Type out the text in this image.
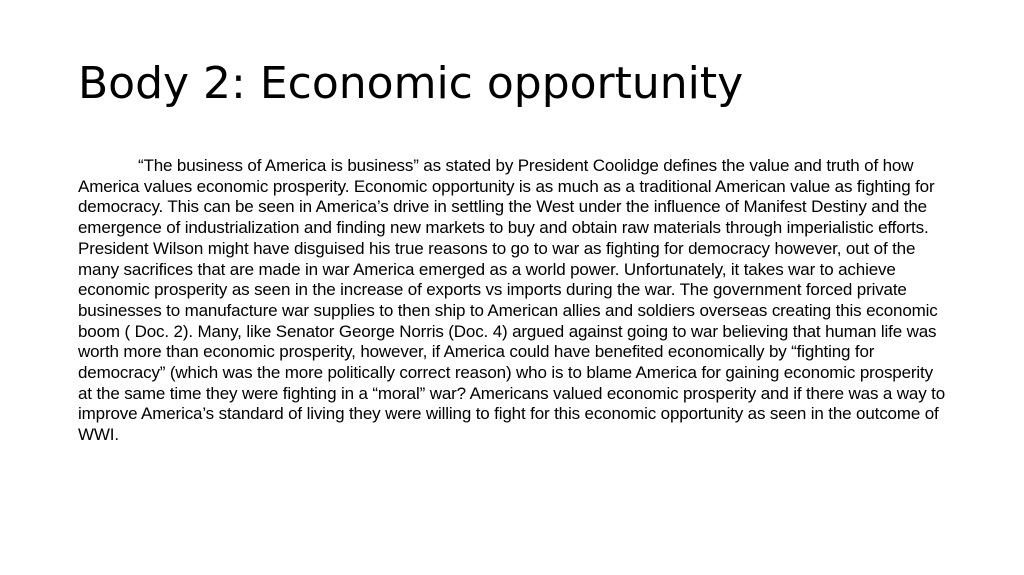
Body 2: Economic opportunity

“The business of America is business” as stated by President Coolidge defines the value and truth of how America values economic prosperity. Economic opportunity is as much as a traditional American value as fighting for democracy. This can be seen in America’s drive in settling the West under the influence of Manifest Destiny and the emergence of industrialization and finding new markets to buy and obtain raw materials through imperialistic efforts. President Wilson might have disguised his true reasons to go to war as fighting for democracy however, out of the many sacrifices that are made in war America emerged as a world power. Unfortunately, it takes war to achieve economic prosperity as seen in the increase of exports vs imports during the war. The government forced private businesses to manufacture war supplies to then ship to American allies and soldiers overseas creating this economic boom ( Doc. 2). Many, like Senator George Norris (Doc. 4) argued against going to war believing that human life was worth more than economic prosperity, however, if America could have benefited economically by “fighting for democracy” (which was the more politically correct reason) who is to blame America for gaining economic prosperity at the same time they were fighting in a “moral” war? Americans valued economic prosperity and if there was a way to improve America’s standard of living they were willing to fight for this economic opportunity as seen in the outcome of WWI.
